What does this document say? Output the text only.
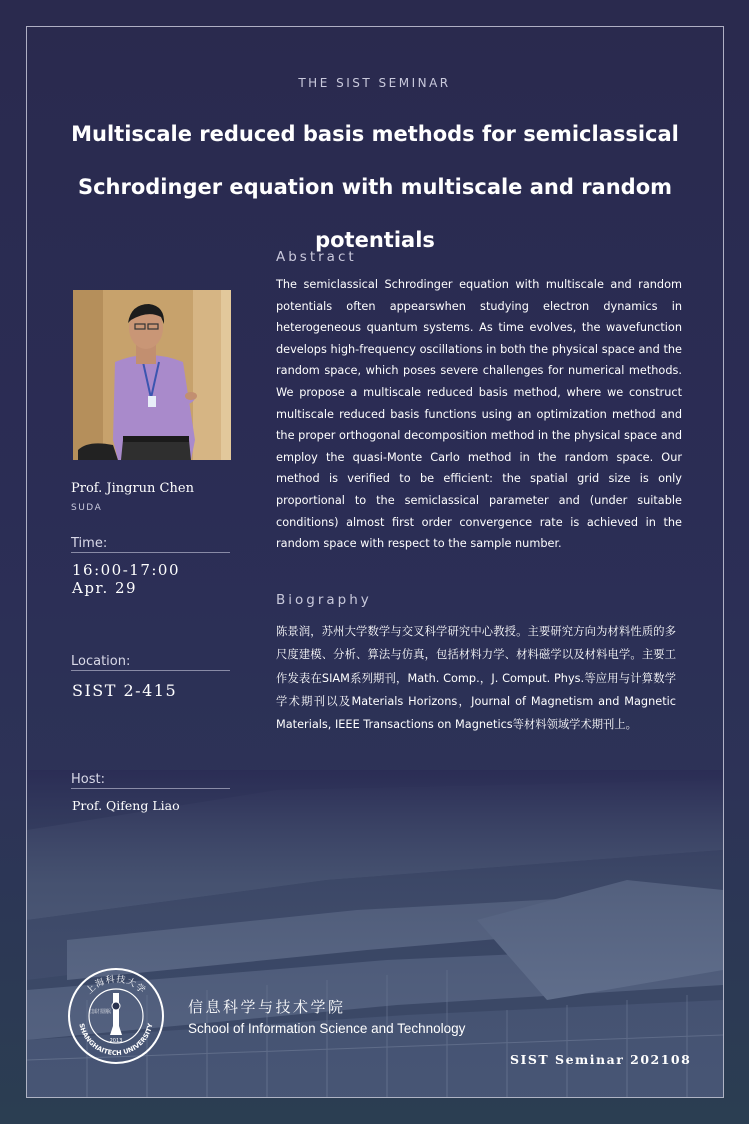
THE SIST SEMINAR
Multiscale reduced basis methods for semiclassical Schrodinger equation with multiscale and random potentials
Prof. Jingrun Chen
SUDA
Time:
16:00-17:00
Apr. 29
Location:
SIST 2-415
Host:
Prof. Qifeng Liao
Abstract
The semiclassical Schrodinger equation with multiscale and random potentials often appearswhen studying electron dynamics in heterogeneous quantum systems. As time evolves, the wavefunction develops high-frequency oscillations in both the physical space and the random space, which poses severe challenges for numerical methods. We propose a multiscale reduced basis method, where we construct multiscale reduced basis functions using an optimization method and the proper orthogonal decomposition method in the physical space and employ the quasi-Monte Carlo method in the random space. Our method is verified to be efficient: the spatial grid size is only proportional to the semiclassical parameter and (under suitable conditions) almost first order convergence rate is achieved in the random space with respect to the sample number.
Biography
陈景润，苏州大学数学与交叉科学研究中心教授。主要研究方向为材料性质的多尺度建模、分析、算法与仿真，包括材料力学、材料磁学以及材料电学。主要工作发表在SIAM系列期刊，Math. Comp.，J. Comput. Phys.等应用与计算数学学术期刊以及Materials Horizons，Journal of Magnetism and Magnetic Materials, IEEE Transactions on Magnetics等材料领域学术期刊上。
上海科技大学
SHANGHAITECH UNIVERSITY
立志成才 报国裕民
2013
信息科学与技术学院
School of Information Science and Technology
SIST Seminar 202108
